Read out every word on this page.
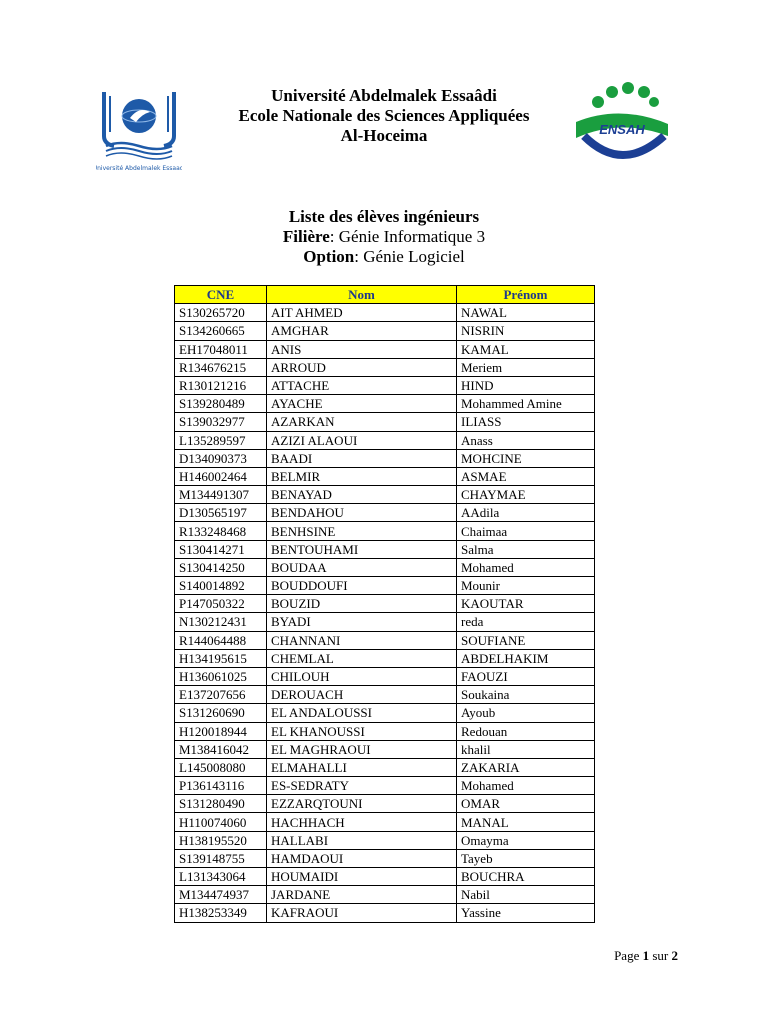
Université Abdelmalek Essaadi
Université Abdelmalek Essaâdi
Ecole Nationale des Sciences Appliquées
Al-Hoceima	ENSAH
Liste des élèves ingénieurs
Filière: Génie Informatique 3
Option: Génie Logiciel
CNE	Nom	Prénom
S130265720	AIT AHMED	NAWAL
S134260665	AMGHAR	NISRIN
EH17048011	ANIS	KAMAL
R134676215	ARROUD	Meriem
R130121216	ATTACHE	HIND
S139280489	AYACHE	Mohammed Amine
S139032977	AZARKAN	ILIASS
L135289597	AZIZI ALAOUI	Anass
D134090373	BAADI	MOHCINE
H146002464	BELMIR	ASMAE
M134491307	BENAYAD	CHAYMAE
D130565197	BENDAHOU	AAdila
R133248468	BENHSINE	Chaimaa
S130414271	BENTOUHAMI	Salma
S130414250	BOUDAA	Mohamed
S140014892	BOUDDOUFI	Mounir
P147050322	BOUZID	KAOUTAR
N130212431	BYADI	reda
R144064488	CHANNANI	SOUFIANE
H134195615	CHEMLAL	ABDELHAKIM
H136061025	CHILOUH	FAOUZI
E137207656	DEROUACH	Soukaina
S131260690	EL ANDALOUSSI	Ayoub
H120018944	EL KHANOUSSI	Redouan
M138416042	EL MAGHRAOUI	khalil
L145008080	ELMAHALLI	ZAKARIA
P136143116	ES-SEDRATY	Mohamed
S131280490	EZZARQTOUNI	OMAR
H110074060	HACHHACH	MANAL
H138195520	HALLABI	Omayma
S139148755	HAMDAOUI	Tayeb
L131343064	HOUMAIDI	BOUCHRA
M134474937	JARDANE	Nabil
H138253349	KAFRAOUI	Yassine
Page 1 sur 2
